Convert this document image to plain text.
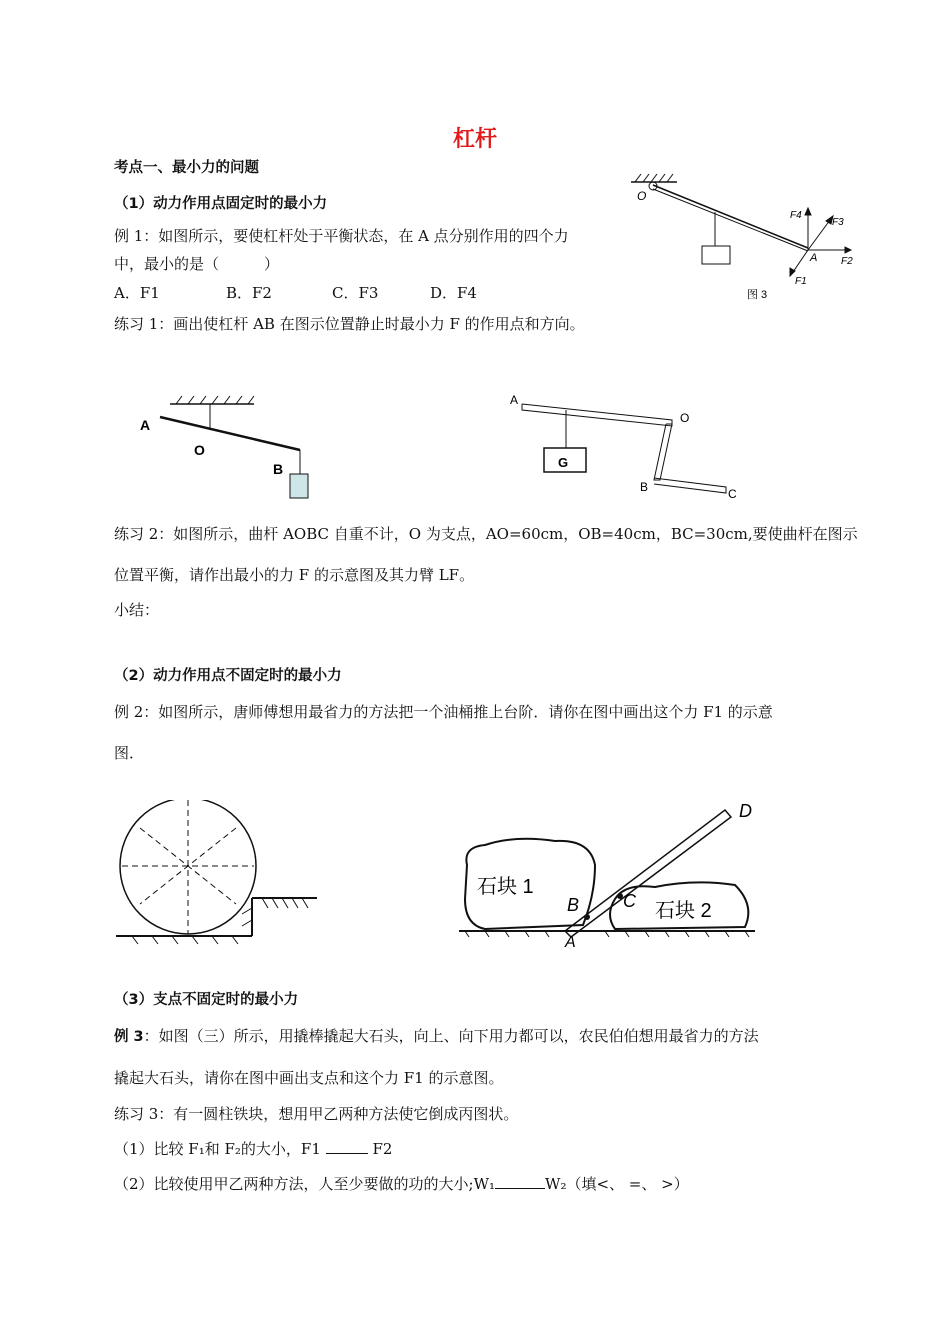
杠杆
考点一、最小力的问题
（1）动力作用点固定时的最小力
例 1：如图所示，要使杠杆处于平衡状态，在 A 点分别作用的四个力
中，最小的是（　　　）
A．F1	B．F2	C．F3	D．F4
O
F4
F3
A F2
F1
图 3
练习 1：画出使杠杆 AB 在图示位置静止时最小力 F 的作用点和方向。
A
O
B
A
O
G
B	C
练习 2：如图所示，曲杆 AOBC 自重不计，O 为支点，AO=60cm，OB=40cm，BC=30cm,要使曲杆在图示
位置平衡，请作出最小的力 F 的示意图及其力臂 LF。
小结：
（2）动力作用点不固定时的最小力
例 2：如图所示，唐师傅想用最省力的方法把一个油桶推上台阶．请你在图中画出这个力 F1 的示意
图．
石块 1
石块 2
B C
A
D
（3）支点不固定时的最小力
例 3：如图（三）所示，用撬棒撬起大石头，向上、向下用力都可以，农民伯伯想用最省力的方法
撬起大石头，请你在图中画出支点和这个力 F1 的示意图。
练习 3：有一圆柱铁块，想用甲乙两种方法使它倒成丙图状。
（1）比较 F₁和 F₂的大小，F1	F2
（2）比较使用甲乙两种方法，人至少要做的功的大小;W₁	W₂（填<、 =、 >）
